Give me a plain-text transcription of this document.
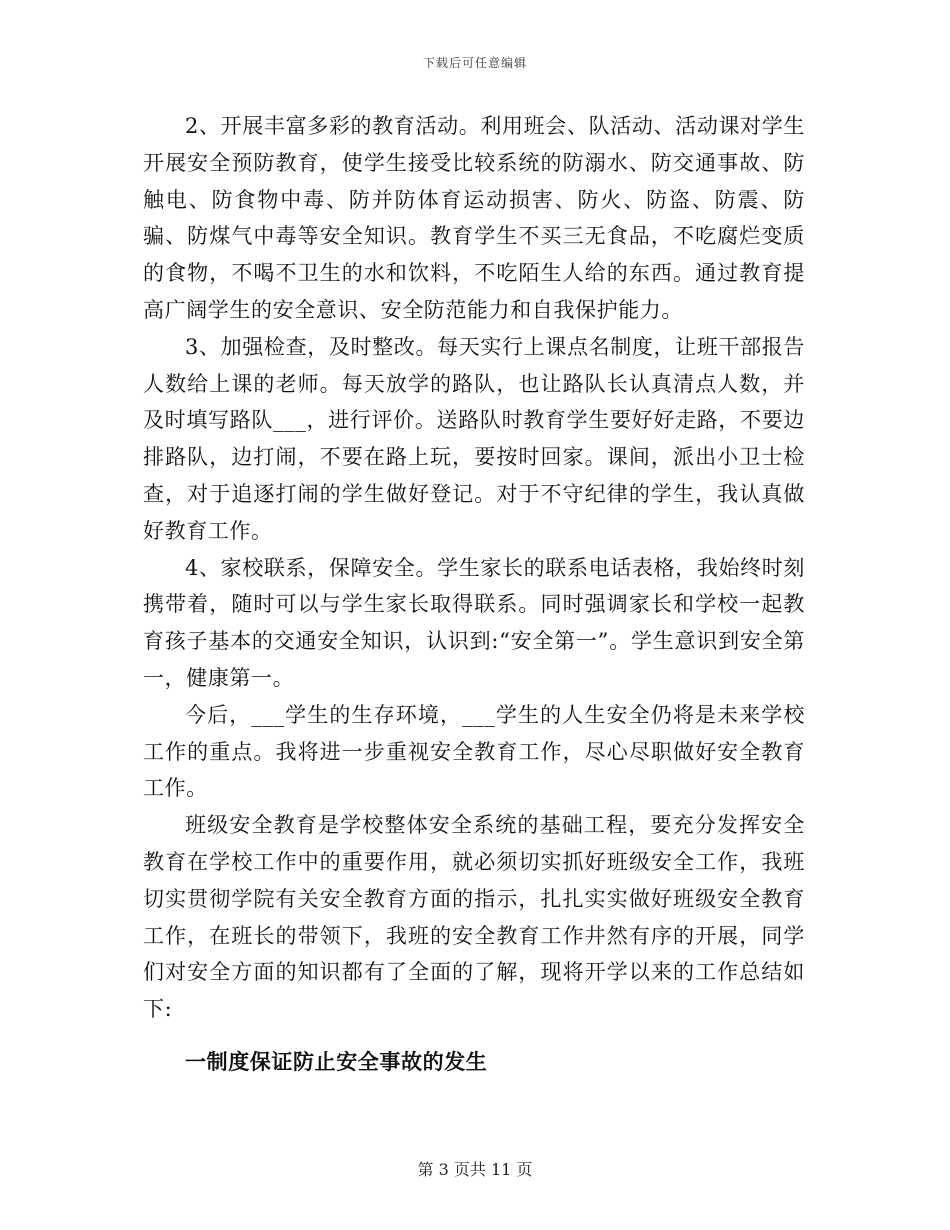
下载后可任意编辑

2、开展丰富多彩的教育活动。利用班会、队活动、活动课对学生开展安全预防教育，使学生接受比较系统的防溺水、防交通事故、防触电、防食物中毒、防并防体育运动损害、防火、防盗、防震、防骗、防煤气中毒等安全知识。教育学生不买三无食品，不吃腐烂变质的食物，不喝不卫生的水和饮料，不吃陌生人给的东西。通过教育提高广阔学生的安全意识、安全防范能力和自我保护能力。

3、加强检查，及时整改。每天实行上课点名制度，让班干部报告人数给上课的老师。每天放学的路队，也让路队长认真清点人数，并及时填写路队___，进行评价。送路队时教育学生要好好走路，不要边排路队，边打闹，不要在路上玩，要按时回家。课间，派出小卫士检查，对于追逐打闹的学生做好登记。对于不守纪律的学生，我认真做好教育工作。

4、家校联系，保障安全。学生家长的联系电话表格，我始终时刻携带着，随时可以与学生家长取得联系。同时强调家长和学校一起教育孩子基本的交通安全知识，认识到:“安全第一”。学生意识到安全第一，健康第一。

今后，___学生的生存环境，___学生的人生安全仍将是未来学校工作的重点。我将进一步重视安全教育工作，尽心尽职做好安全教育工作。

班级安全教育是学校整体安全系统的基础工程，要充分发挥安全教育在学校工作中的重要作用，就必须切实抓好班级安全工作，我班切实贯彻学院有关安全教育方面的指示，扎扎实实做好班级安全教育工作，在班长的带领下，我班的安全教育工作井然有序的开展，同学们对安全方面的知识都有了全面的了解，现将开学以来的工作总结如下:

一制度保证防止安全事故的发生

第 3 页共 11 页
